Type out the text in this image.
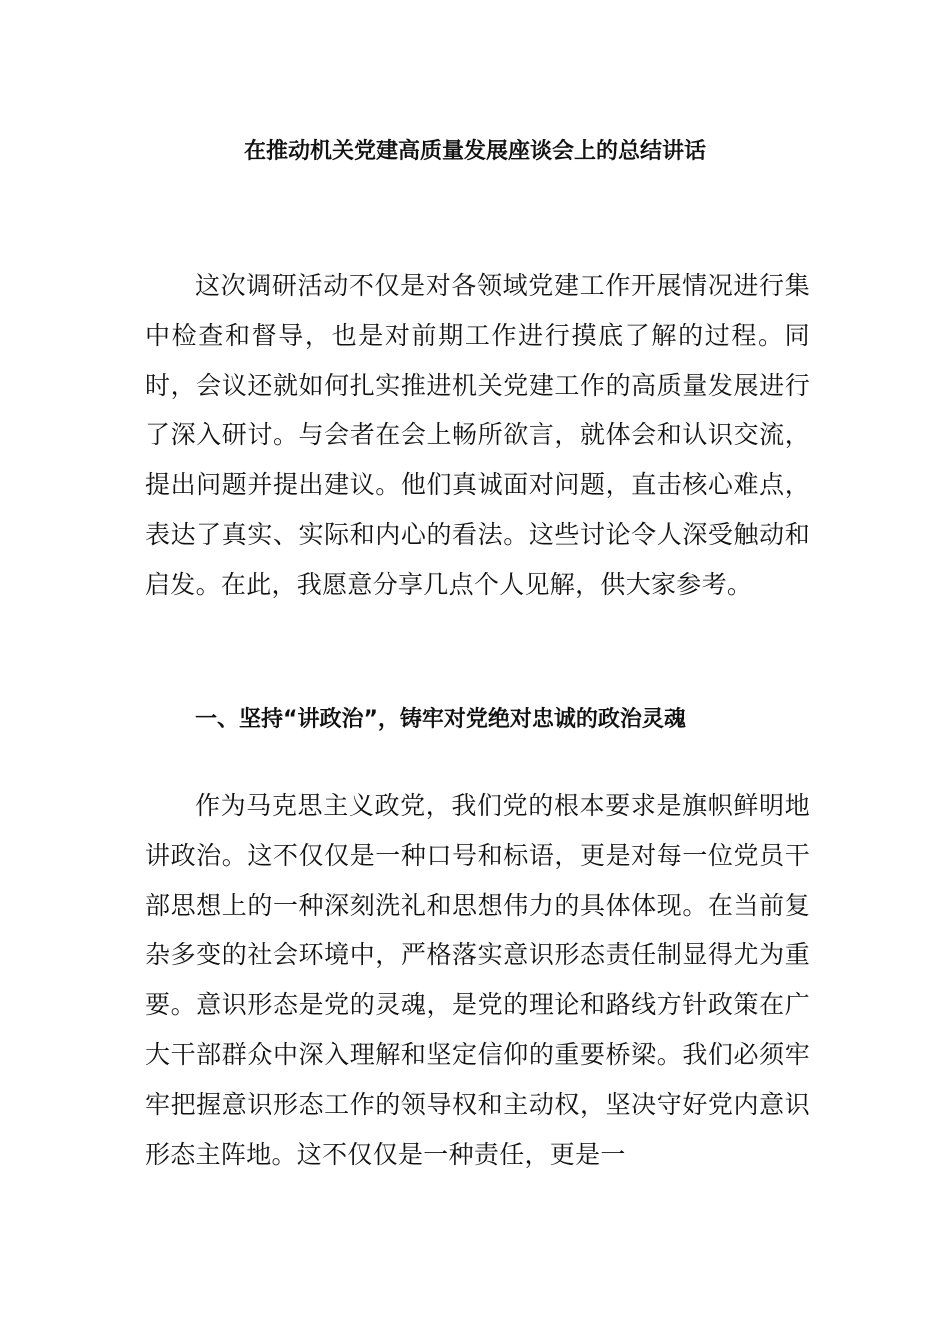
在推动机关党建高质量发展座谈会上的总结讲话

这次调研活动不仅是对各领域党建工作开展情况进行集中检查和督导，也是对前期工作进行摸底了解的过程。同时，会议还就如何扎实推进机关党建工作的高质量发展进行了深入研讨。与会者在会上畅所欲言，就体会和认识交流，提出问题并提出建议。他们真诚面对问题，直击核心难点，表达了真实、实际和内心的看法。这些讨论令人深受触动和启发。在此，我愿意分享几点个人见解，供大家参考。

一、坚持“讲政治”，铸牢对党绝对忠诚的政治灵魂

作为马克思主义政党，我们党的根本要求是旗帜鲜明地讲政治。这不仅仅是一种口号和标语，更是对每一位党员干部思想上的一种深刻洗礼和思想伟力的具体体现。在当前复杂多变的社会环境中，严格落实意识形态责任制显得尤为重要。意识形态是党的灵魂，是党的理论和路线方针政策在广大干部群众中深入理解和坚定信仰的重要桥梁。我们必须牢牢把握意识形态工作的领导权和主动权，坚决守好党内意识形态主阵地。这不仅仅是一种责任，更是一
